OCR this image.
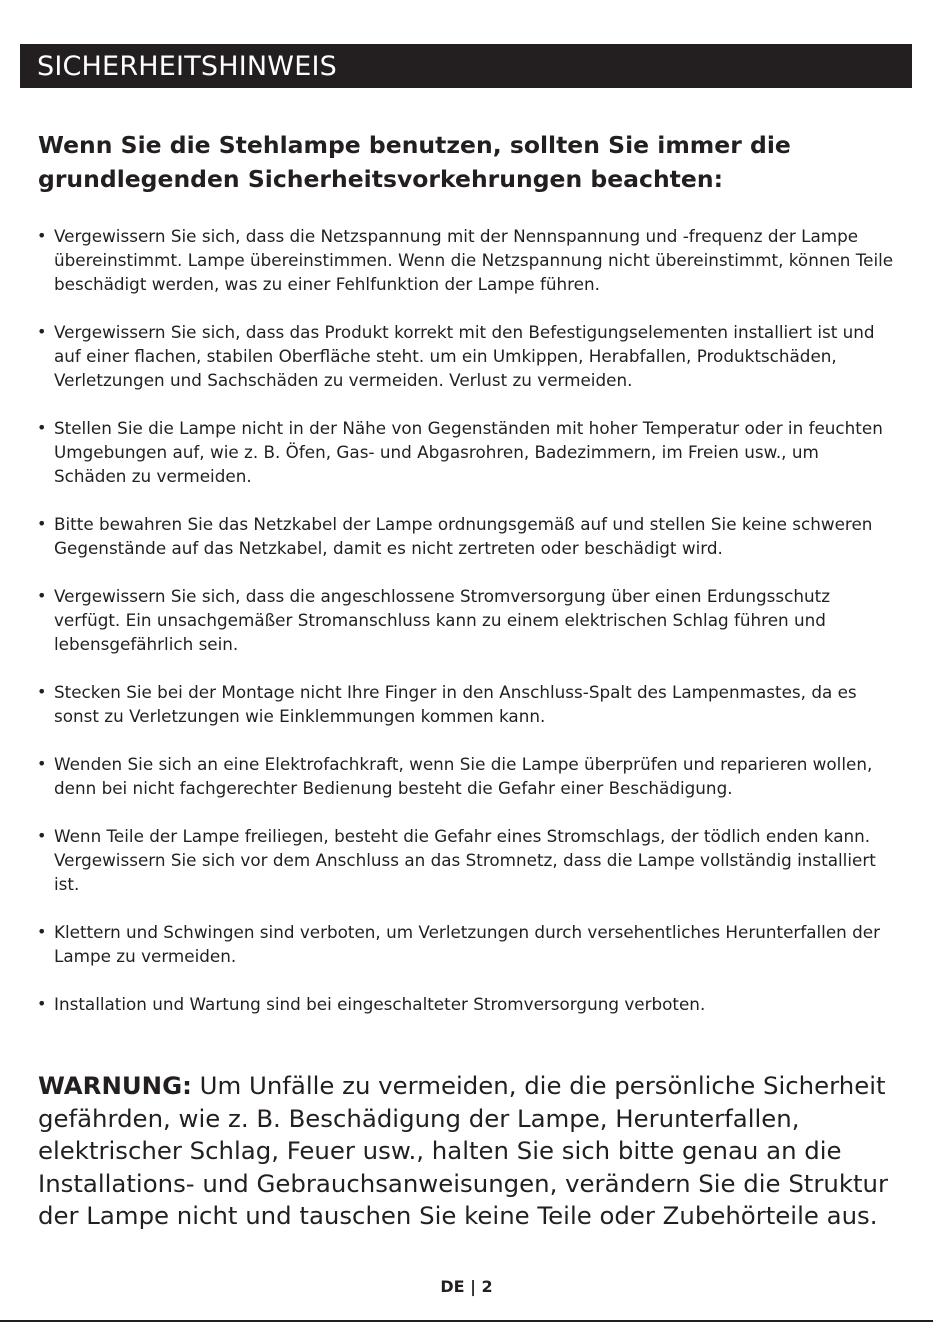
SICHERHEITSHINWEIS
Wenn Sie die Stehlampe benutzen, sollten Sie immer die grundlegenden Sicherheitsvorkehrungen beachten:
• Vergewissern Sie sich, dass die Netzspannung mit der Nennspannung und -frequenz der Lampe übereinstimmt. Lampe übereinstimmen. Wenn die Netzspannung nicht übereinstimmt, können Teile beschädigt werden, was zu einer Fehlfunktion der Lampe führen.
• Vergewissern Sie sich, dass das Produkt korrekt mit den Befestigungselementen installiert ist und auf einer flachen, stabilen Oberfläche steht. um ein Umkippen, Herabfallen, Produktschäden, Verletzungen und Sachschäden zu vermeiden. Verlust zu vermeiden.
• Stellen Sie die Lampe nicht in der Nähe von Gegenständen mit hoher Temperatur oder in feuchten Umgebungen auf, wie z. B. Öfen, Gas- und Abgasrohren, Badezimmern, im Freien usw., um Schäden zu vermeiden.
• Bitte bewahren Sie das Netzkabel der Lampe ordnungsgemäß auf und stellen Sie keine schweren Gegenstände auf das Netzkabel, damit es nicht zertreten oder beschädigt wird.
• Vergewissern Sie sich, dass die angeschlossene Stromversorgung über einen Erdungsschutz verfügt. Ein unsachgemäßer Stromanschluss kann zu einem elektrischen Schlag führen und lebensgefährlich sein.
• Stecken Sie bei der Montage nicht Ihre Finger in den Anschluss-Spalt des Lampenmastes, da es sonst zu Verletzungen wie Einklemmungen kommen kann.
• Wenden Sie sich an eine Elektrofachkraft, wenn Sie die Lampe überprüfen und reparieren wollen, denn bei nicht fachgerechter Bedienung besteht die Gefahr einer Beschädigung.
• Wenn Teile der Lampe freiliegen, besteht die Gefahr eines Stromschlags, der tödlich enden kann. Vergewissern Sie sich vor dem Anschluss an das Stromnetz, dass die Lampe vollständig installiert ist.
• Klettern und Schwingen sind verboten, um Verletzungen durch versehentliches Herunterfallen der Lampe zu vermeiden.
• Installation und Wartung sind bei eingeschalteter Stromversorgung verboten.
WARNUNG: Um Unfälle zu vermeiden, die die persönliche Sicherheit gefährden, wie z. B. Beschädigung der Lampe, Herunterfallen, elektrischer Schlag, Feuer usw., halten Sie sich bitte genau an die Installations- und Gebrauchsanweisungen, verändern Sie die Struktur der Lampe nicht und tauschen Sie keine Teile oder Zubehörteile aus.
DE | 2
